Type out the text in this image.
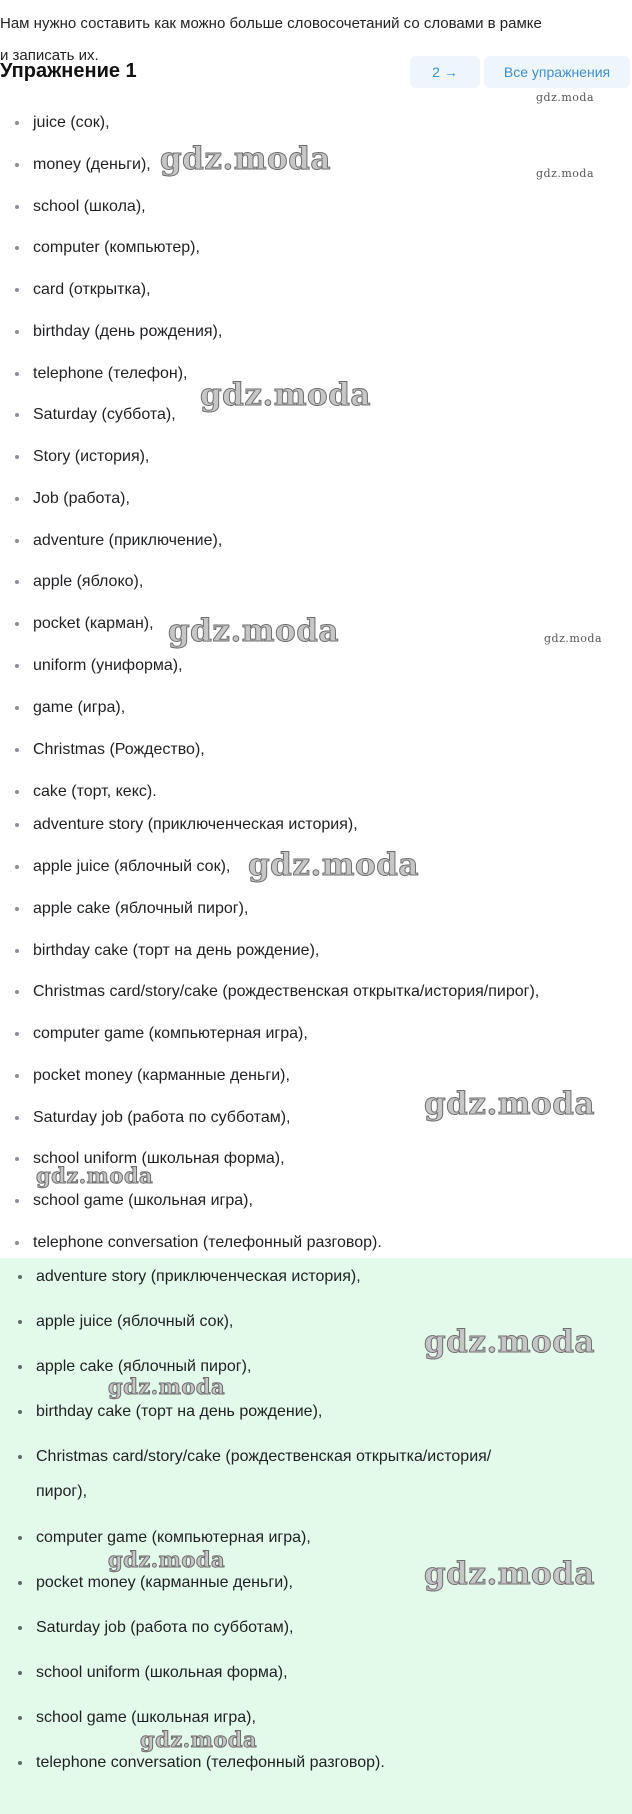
Нам нужно составить как можно больше словосочетаний со словами в рамке
и записать их.
Упражнение 1	2 →	Все упражнения
juice (сок),
money (деньги),
school (школа),
computer (компьютер),
card (открытка),
birthday (день рождения),
telephone (телефон),
Saturday (суббота),
Story (история),
Job (работа),
adventure (приключение),
apple (яблоко),
pocket (карман),
uniform (униформа),
game (игра),
Christmas (Рождество),
cake (торт, кекс).
adventure story (приключенческая история),
apple juice (яблочный сок),
apple cake (яблочный пирог),
birthday cake (торт на день рождение),
Christmas card/story/cake (рождественская открытка/история/пирог),
computer game (компьютерная игра),
pocket money (карманные деньги),
Saturday job (работа по субботам),
school uniform (школьная форма),
school game (школьная игра),
telephone conversation (телефонный разговор).
adventure story (приключенческая история),
apple juice (яблочный сок),
apple cake (яблочный пирог),
birthday cake (торт на день рождение),
Christmas card/story/cake (рождественская открытка/история/
пирог),
computer game (компьютерная игра),
pocket money (карманные деньги),
Saturday job (работа по субботам),
school uniform (школьная форма),
school game (школьная игра),
telephone conversation (телефонный разговор).
gdz.moda
gdz.moda
gdz.moda
gdz.moda
gdz.moda
gdz.moda
gdz.moda
gdz.moda
gdz.moda	gdz.moda
gdz.moda
gdz.moda
gdz.moda
gdz.moda
